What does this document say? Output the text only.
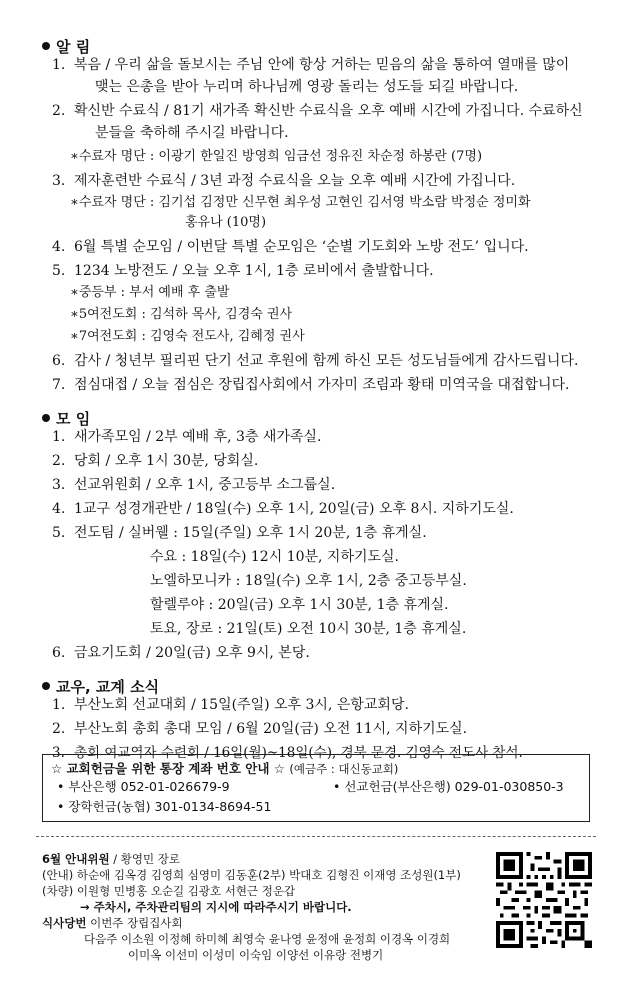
알 림
1. 복음 / 우리 삶을 돌보시는 주님 안에 항상 거하는 믿음의 삶을 통하여 열매를 많이
맺는 은총을 받아 누리며 하나님께 영광 돌리는 성도들 되길 바랍니다.
2. 확신반 수료식 / 81기 새가족 확신반 수료식을 오후 예배 시간에 가집니다. 수료하신
분들을 축하해 주시길 바랍니다.
∗수료자 명단 : 이광기 한일진 방영희 임금선 정유진 차순정 하봉란 (7명)
3. 제자훈련반 수료식 / 3년 과정 수료식을 오늘 오후 예배 시간에 가집니다.
∗수료자 명단 : 김기섭 김정만 신무현 최우성 고현인 김서영 박소람 박정순 정미화
홍유나 (10명)
4. 6월 특별 순모임 / 이번달 특별 순모임은 ‘순별 기도회와 노방 전도’ 입니다.
5. 1234 노방전도 / 오늘 오후 1시, 1층 로비에서 출발합니다.
∗중등부 : 부서 예배 후 출발
∗5여전도회 : 김석하 목사, 김경숙 권사
∗7여전도회 : 김영숙 전도사, 김혜정 권사
6. 감사 / 청년부 필리핀 단기 선교 후원에 함께 하신 모든 성도님들에게 감사드립니다.
7. 점심대접 / 오늘 점심은 장립집사회에서 가자미 조림과 황태 미역국을 대접합니다.
모 임
1. 새가족모임 / 2부 예배 후, 3층 새가족실.
2. 당회 / 오후 1시 30분, 당회실.
3. 선교위원회 / 오후 1시, 중고등부 소그룹실.
4. 1교구 성경개관반 / 18일(수) 오후 1시, 20일(금) 오후 8시. 지하기도실.
5. 전도팀 / 실버웰 : 15일(주일) 오후 1시 20분, 1층 휴게실.
수요 : 18일(수) 12시 10분, 지하기도실.
노엘하모니카 : 18일(수) 오후 1시, 2층 중고등부실.
할렐루야 : 20일(금) 오후 1시 30분, 1층 휴게실.
토요, 장로 : 21일(토) 오전 10시 30분, 1층 휴게실.
6. 금요기도회 / 20일(금) 오후 9시, 본당.
교우, 교계 소식
1. 부산노회 선교대회 / 15일(주일) 오후 3시, 은항교회당.
2. 부산노회 총회 총대 모임 / 6월 20일(금) 오전 11시, 지하기도실.
3. 총회 여교역자 수련회 / 16일(월)~18일(수), 경북 문경. 김영숙 전도사 참석.
☆ 교회헌금을 위한 통장 계좌 번호 안내 ☆ (예금주 : 대신동교회)
• 부산은행 052-01-026679-9	• 선교헌금(부산은행) 029-01-030850-3
• 장학헌금(농협) 301-0134-8694-51
6월 안내위원 / 황영민 장로
(안내) 하순애 김옥경 김영희 심영미 김동훈(2부) 박대호 김형진 이재영 조성원(1부)
(차량) 이원형 민병홍 오순길 김광호 서현근 정운갑
→ 주차시, 주차관리팀의 지시에 따라주시기 바랍니다.
식사당번 이번주 장립집사회
다음주 이소원 이정혜 하미혜 최영숙 윤나영 윤정애 윤정희 이경옥 이경희
이미옥 이선미 이성미 이숙임 이양선 이유랑 전병기
